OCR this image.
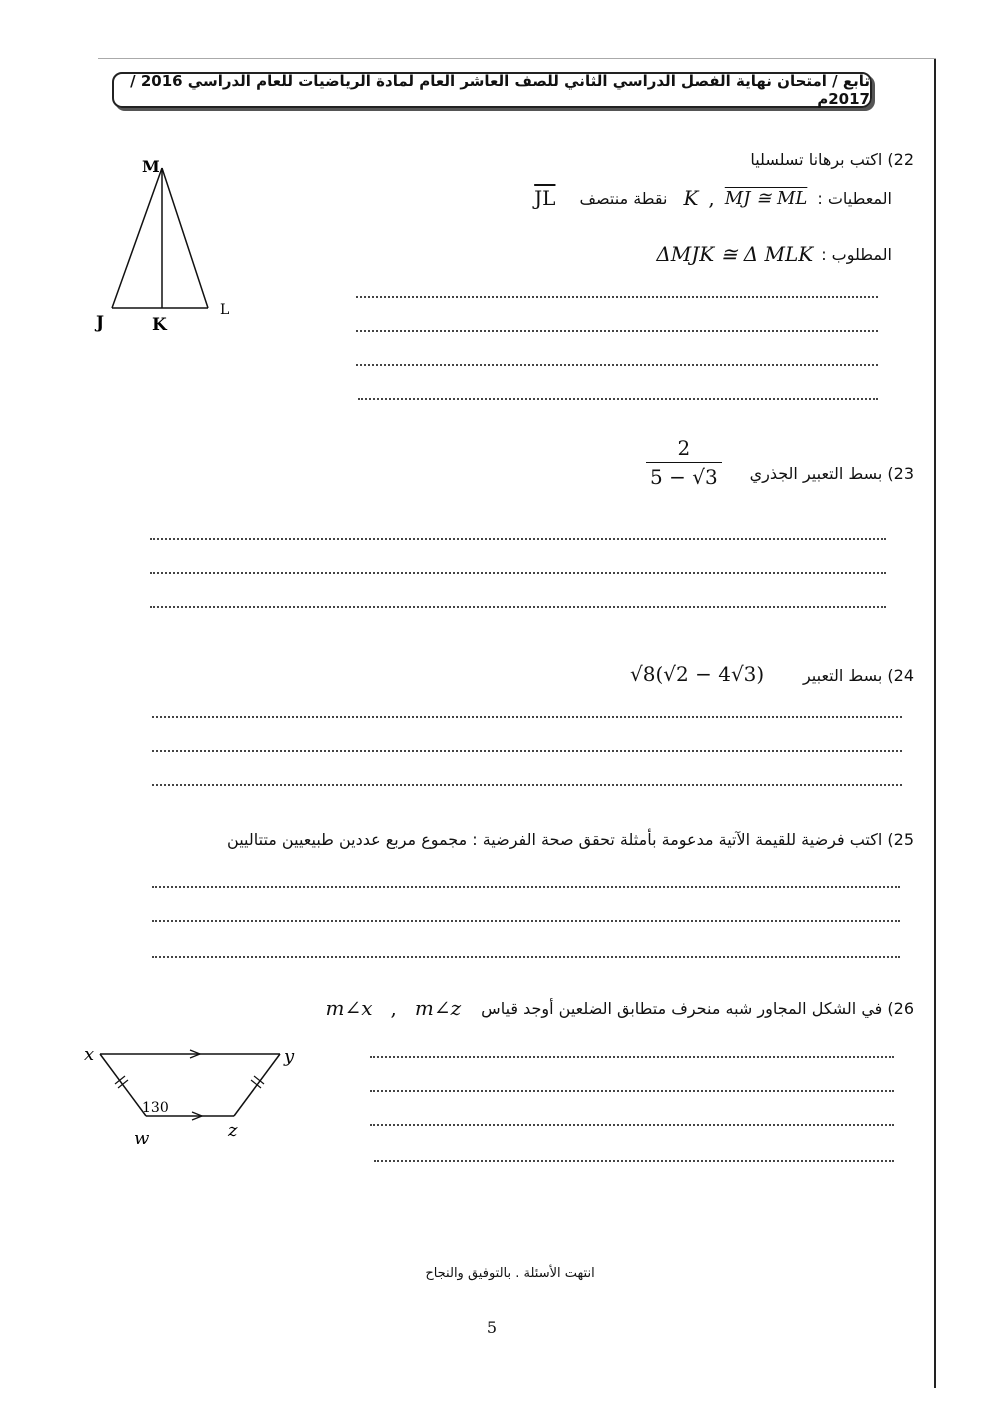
تابع / امتحان نهاية الفصل الدراسي الثاني للصف العاشر العام لمادة الرياضيات للعام الدراسي 2016 / 2017م
22) اكتب برهانا تسلسليا
المعطيات :
MJ ≅ ML
,
K
نقطة منتصف
JL
المطلوب :
ΔMJK ≅ Δ MLK
M
J	K
L
23) بسط التعبير الجذري
$\frac{2}{5 - √3}$
24) بسط التعبير
√8(√2 − 4√3)
25) اكتب فرضية للقيمة الآتية مدعومة بأمثلة تحقق صحة الفرضية : مجموع مربع عددين طبيعيين متتاليين
26) في الشكل المجاور شبه منحرف متطابق الضلعين أوجد قياس
m∠z
,
m∠x
x	y
w	z
130
انتهت الأسئلة . بالتوفيق والنجاح
5
